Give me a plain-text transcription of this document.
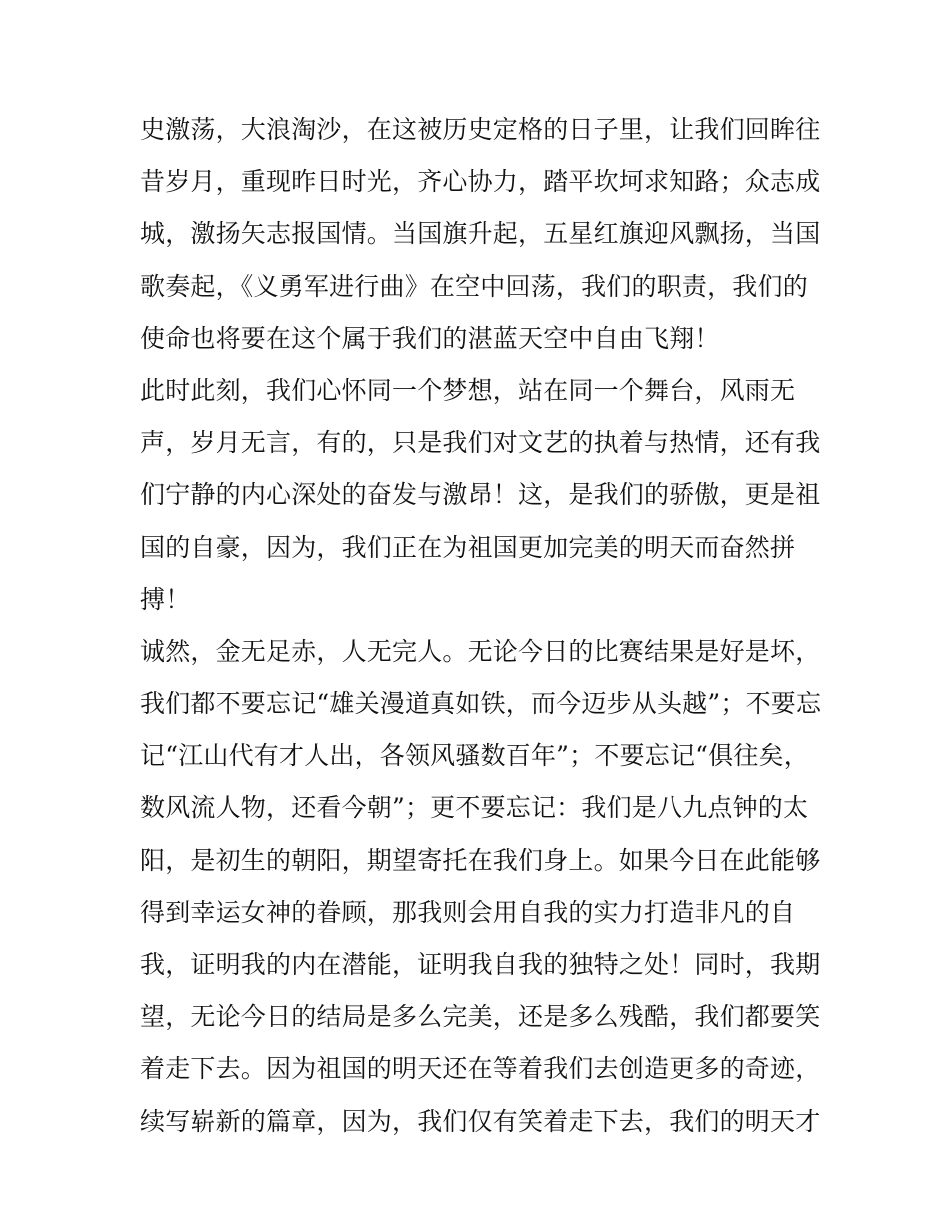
史激荡，大浪淘沙，在这被历史定格的日子里，让我们回眸往
昔岁月，重现昨日时光，齐心协力，踏平坎坷求知路；众志成
城，激扬矢志报国情。当国旗升起，五星红旗迎风飘扬，当国
歌奏起，《义勇军进行曲》在空中回荡，我们的职责，我们的
使命也将要在这个属于我们的湛蓝天空中自由飞翔！
此时此刻，我们心怀同一个梦想，站在同一个舞台，风雨无
声，岁月无言，有的，只是我们对文艺的执着与热情，还有我
们宁静的内心深处的奋发与激昂！这，是我们的骄傲，更是祖
国的自豪，因为，我们正在为祖国更加完美的明天而奋然拼
搏！
诚然，金无足赤，人无完人。无论今日的比赛结果是好是坏，
我们都不要忘记“雄关漫道真如铁，而今迈步从头越”；不要忘
记“江山代有才人出，各领风骚数百年”；不要忘记“俱往矣，
数风流人物，还看今朝”；更不要忘记：我们是八九点钟的太
阳，是初生的朝阳，期望寄托在我们身上。如果今日在此能够
得到幸运女神的眷顾，那我则会用自我的实力打造非凡的自
我，证明我的内在潜能，证明我自我的独特之处！同时，我期
望，无论今日的结局是多么完美，还是多么残酷，我们都要笑
着走下去。因为祖国的明天还在等着我们去创造更多的奇迹，
续写崭新的篇章，因为，我们仅有笑着走下去，我们的明天才
